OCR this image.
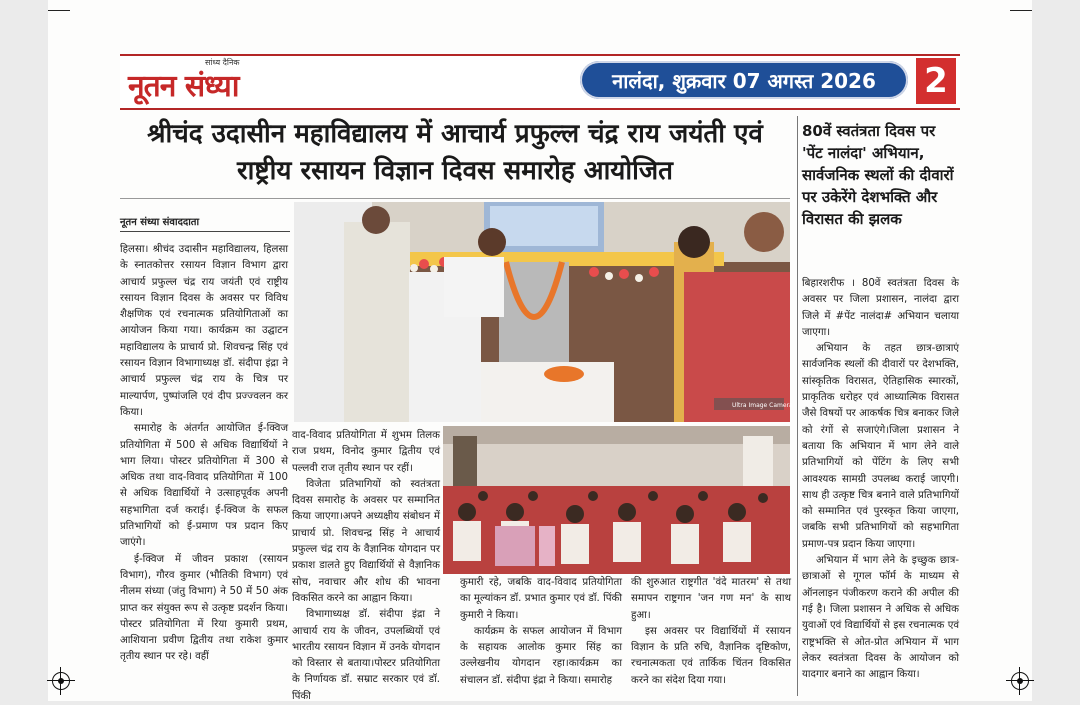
सांध्य दैनिक
नूतन संध्या	नालंदा, शुक्रवार 07 अगस्त 2026 2
श्रीचंद उदासीन महाविद्यालय में आचार्य प्रफुल्ल चंद्र राय जयंती एवं राष्ट्रीय रसायन विज्ञान दिवस समारोह आयोजित
नूतन संध्या संवाददाता
Ultra Image Camera

हिलसा। श्रीचंद उदासीन महाविद्यालय, हिलसा के स्नातकोत्तर रसायन विज्ञान विभाग द्वारा आचार्य प्रफुल्ल चंद्र राय जयंती एवं राष्ट्रीय रसायन विज्ञान दिवस के अवसर पर विविध शैक्षणिक एवं रचनात्मक प्रतियोगिताओं का आयोजन किया गया। कार्यक्रम का उद्घाटन महाविद्यालय के प्राचार्य प्रो. शिवचन्द्र सिंह एवं रसायन विज्ञान विभागाध्यक्ष डॉ. संदीपा इंद्रा ने आचार्य प्रफुल्ल चंद्र राय के चित्र पर माल्यार्पण, पुष्पांजलि एवं दीप प्रज्ज्वलन कर किया।

समारोह के अंतर्गत आयोजित ई-क्विज प्रतियोगिता में 500 से अधिक विद्यार्थियों ने भाग लिया। पोस्टर प्रतियोगिता में 300 से अधिक तथा वाद-विवाद प्रतियोगिता में 100 से अधिक विद्यार्थियों ने उत्साहपूर्वक अपनी सहभागिता दर्ज कराई। ई-क्विज के सफल प्रतिभागियों को ई-प्रमाण पत्र प्रदान किए जाएंगे।

ई-क्विज में जीवन प्रकाश (रसायन विभाग), गौरव कुमार (भौतिकी विभाग) एवं नीलम संध्या (जंतु विभाग) ने 50 में 50 अंक प्राप्त कर संयुक्त रूप से उत्कृष्ट प्रदर्शन किया। पोस्टर प्रतियोगिता में रिया कुमारी प्रथम, आशियाना प्रवीण द्वितीय तथा राकेश कुमार तृतीय स्थान पर रहे। वहीं

वाद-विवाद प्रतियोगिता में शुभम तिलक राज प्रथम, विनोद कुमार द्वितीय एवं पल्लवी राज तृतीय स्थान पर रहीं।

विजेता प्रतिभागियों को स्वतंत्रता दिवस समारोह के अवसर पर सम्मानित किया जाएगा।अपने अध्यक्षीय संबोधन में प्राचार्य प्रो. शिवचन्द्र सिंह ने आचार्य प्रफुल्ल चंद्र राय के वैज्ञानिक योगदान पर प्रकाश डालते हुए विद्यार्थियों से वैज्ञानिक सोच, नवाचार और शोध की भावना विकसित करने का आह्वान किया।

विभागाध्यक्ष डॉ. संदीपा इंद्रा ने आचार्य राय के जीवन, उपलब्धियों एवं भारतीय रसायन विज्ञान में उनके योगदान को विस्तार से बताया।पोस्टर प्रतियोगिता के निर्णायक डॉ. सम्राट सरकार एवं डॉ. पिंकी

कुमारी रहे, जबकि वाद-विवाद प्रतियोगिता का मूल्यांकन डॉ. प्रभात कुमार एवं डॉ. पिंकी कुमारी ने किया।

कार्यक्रम के सफल आयोजन में विभाग के सहायक आलोक कुमार सिंह का उल्लेखनीय योगदान रहा।कार्यक्रम का संचालन डॉ. संदीपा इंद्रा ने किया। समारोह

की शुरुआत राष्ट्रगीत 'वंदे मातरम' से तथा समापन राष्ट्रगान 'जन गण मन' के साथ हुआ।

इस अवसर पर विद्यार्थियों में रसायन विज्ञान के प्रति रुचि, वैज्ञानिक दृष्टिकोण, रचनात्मकता एवं तार्किक चिंतन विकसित करने का संदेश दिया गया।

80वें स्वतंत्रता दिवस पर 'पेंट नालंदा' अभियान, सार्वजनिक स्थलों की दीवारों पर उकेरेंगे देशभक्ति और विरासत की झलक

बिहारशरीफ । 80वें स्वतंत्रता दिवस के अवसर पर जिला प्रशासन, नालंदा द्वारा जिले में #पेंट नालंदा# अभियान चलाया जाएगा।

अभियान के तहत छात्र-छात्राएं सार्वजनिक स्थलों की दीवारों पर देशभक्ति, सांस्कृतिक विरासत, ऐतिहासिक स्मारकों, प्राकृतिक धरोहर एवं आध्यात्मिक विरासत जैसे विषयों पर आकर्षक चित्र बनाकर जिले को रंगों से सजाएंगे।जिला प्रशासन ने बताया कि अभियान में भाग लेने वाले प्रतिभागियों को पेंटिंग के लिए सभी आवश्यक सामग्री उपलब्ध कराई जाएगी। साथ ही उत्कृष्ट चित्र बनाने वाले प्रतिभागियों को सम्मानित एवं पुरस्कृत किया जाएगा, जबकि सभी प्रतिभागियों को सहभागिता प्रमाण-पत्र प्रदान किया जाएगा।

अभियान में भाग लेने के इच्छुक छात्र-छात्राओं से गूगल फॉर्म के माध्यम से ऑनलाइन पंजीकरण कराने की अपील की गई है। जिला प्रशासन ने अधिक से अधिक युवाओं एवं विद्यार्थियों से इस रचनात्मक एवं राष्ट्रभक्ति से ओत-प्रोत अभियान में भाग लेकर स्वतंत्रता दिवस के आयोजन को यादगार बनाने का आह्वान किया।
